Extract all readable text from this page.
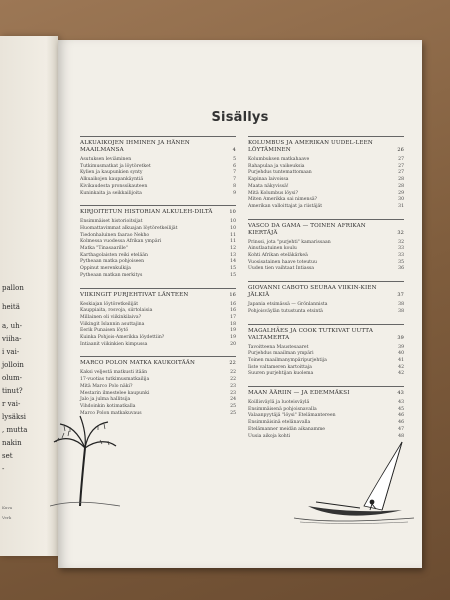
pallon
heitä
a, uh-
viiha-
i vai-
jolloin
olum-
tinut?
r vai-
lysäksi
, mutta
nakin
set
-
Kuva
Verk
Sisällys
ALKUAIKOJEN IHMINEN JA HÄNEN MAAILMANSA	4
Asutuksen leviäminen	5
Tutkimusmatkat ja löytöretket	6
Kylien ja kaupunkien synty	7
Alkuaikojen kaupankäyntiä	7
Kivikaudesta pronssikauteen	8
Kuninkaita ja seikkailijoita	9
KIRJOITETUN HISTORIAN ALKULEH-DILTÄ	10
Ensimmäiset historioitsijat	10
Huomattavimmat alkuajan löytöretkeilijät	10
Tiedonhaluinen faarao Nekho	11
Kolmessa vuodessa Afrikan ympäri	11
Matka "Tinasaarille"	12
Karthagolaisten reiki etelään	13
Pytheaan matka pohjoiseen	14
Oppinut merenkulkija	15
Pytheaan matkan merkitys	15
VIIKINGIT PURJEHTIVAT LÄNTEEN	16
Keskiajan löytöretkeilijät	16
Kauppiaita, rosvoja, siirtolaisia	16
Millainen oli viikinkilaiva?	17
Viikingit Islannin asuttajina	18
Eerik Punaisen löytö	19
Kuinka Pohjois-Amerikka löydettiin?	19
Intiaanit viikinkien kimpussa	20
MARCO POLON MATKA KAUKOITÄÄN	22
Kaksi veljestä matkusti itään	22
17-vuotias tutkimusmatkailija	22
Mitä Marco Polo näki?	23
Mestarin ilmestelee kaupunki	23
Jalo ja julma hallitsija	24
Vihdoinkin kotimatkalla	25
Marco Polon matkakuvaus	25
KOLUMBUS JA AMERIKAN UUDEL-LEEN LÖYTÄMINEN	26
Kolumbuksen matkahaave	27
Rahapulaa ja vaikeuksia	27
Purjehdus tuntemattomaan	27
Kapinaa laivoissa	28
Maata näkyvissä!	28
Mitä Kolumbus löysi?	29
Miten Amerikka sai nimensä?	30
Amerikan valloittajat ja riistäjät	31
VASCO DA GAMA — TOINEN AFRIKAN KIERTÄJÄ	32
Prinssi, jota "purjehti" kamarissaan	32
Ainutlaatuinen koulu	33
Kohti Afrikan eteläkärkeä	33
Vuosisatainen haave toteutuu	35
Uuden tien vaihtaat Intiassa	36
GIOVANNI CABOTO SEURAA VIIKIN-KIEN JÄLKIÄ	37
Japania etsimässä — Grönlannista	38
Pohjoisväylän tutustunta etsintä	38
MAGALHÃES JA COOK TUTKIVAT UUTTA VALTAMERTA	39
Tavoitteena Maustesaaret	39
Purjehdus maailman ympäri	40
Toinen maailmanympäripurjehtija	41
Iiste valtameren kartoittaja	42
Suuren purjehtijan kuolema	42
MAAN ÄÄRIIN — JA EDEMMÄKSI	43
Koillisväylä ja luoteisväylä	43
Ensimmäisenä pohjoisnavalla	45
Valaanpyytäjä "löysi" Etelämantereen	46
Ensimmäisinä etelänavalla	46
Etelämanner meidän aikanamme	47
Uusia aikoja kohti	48
